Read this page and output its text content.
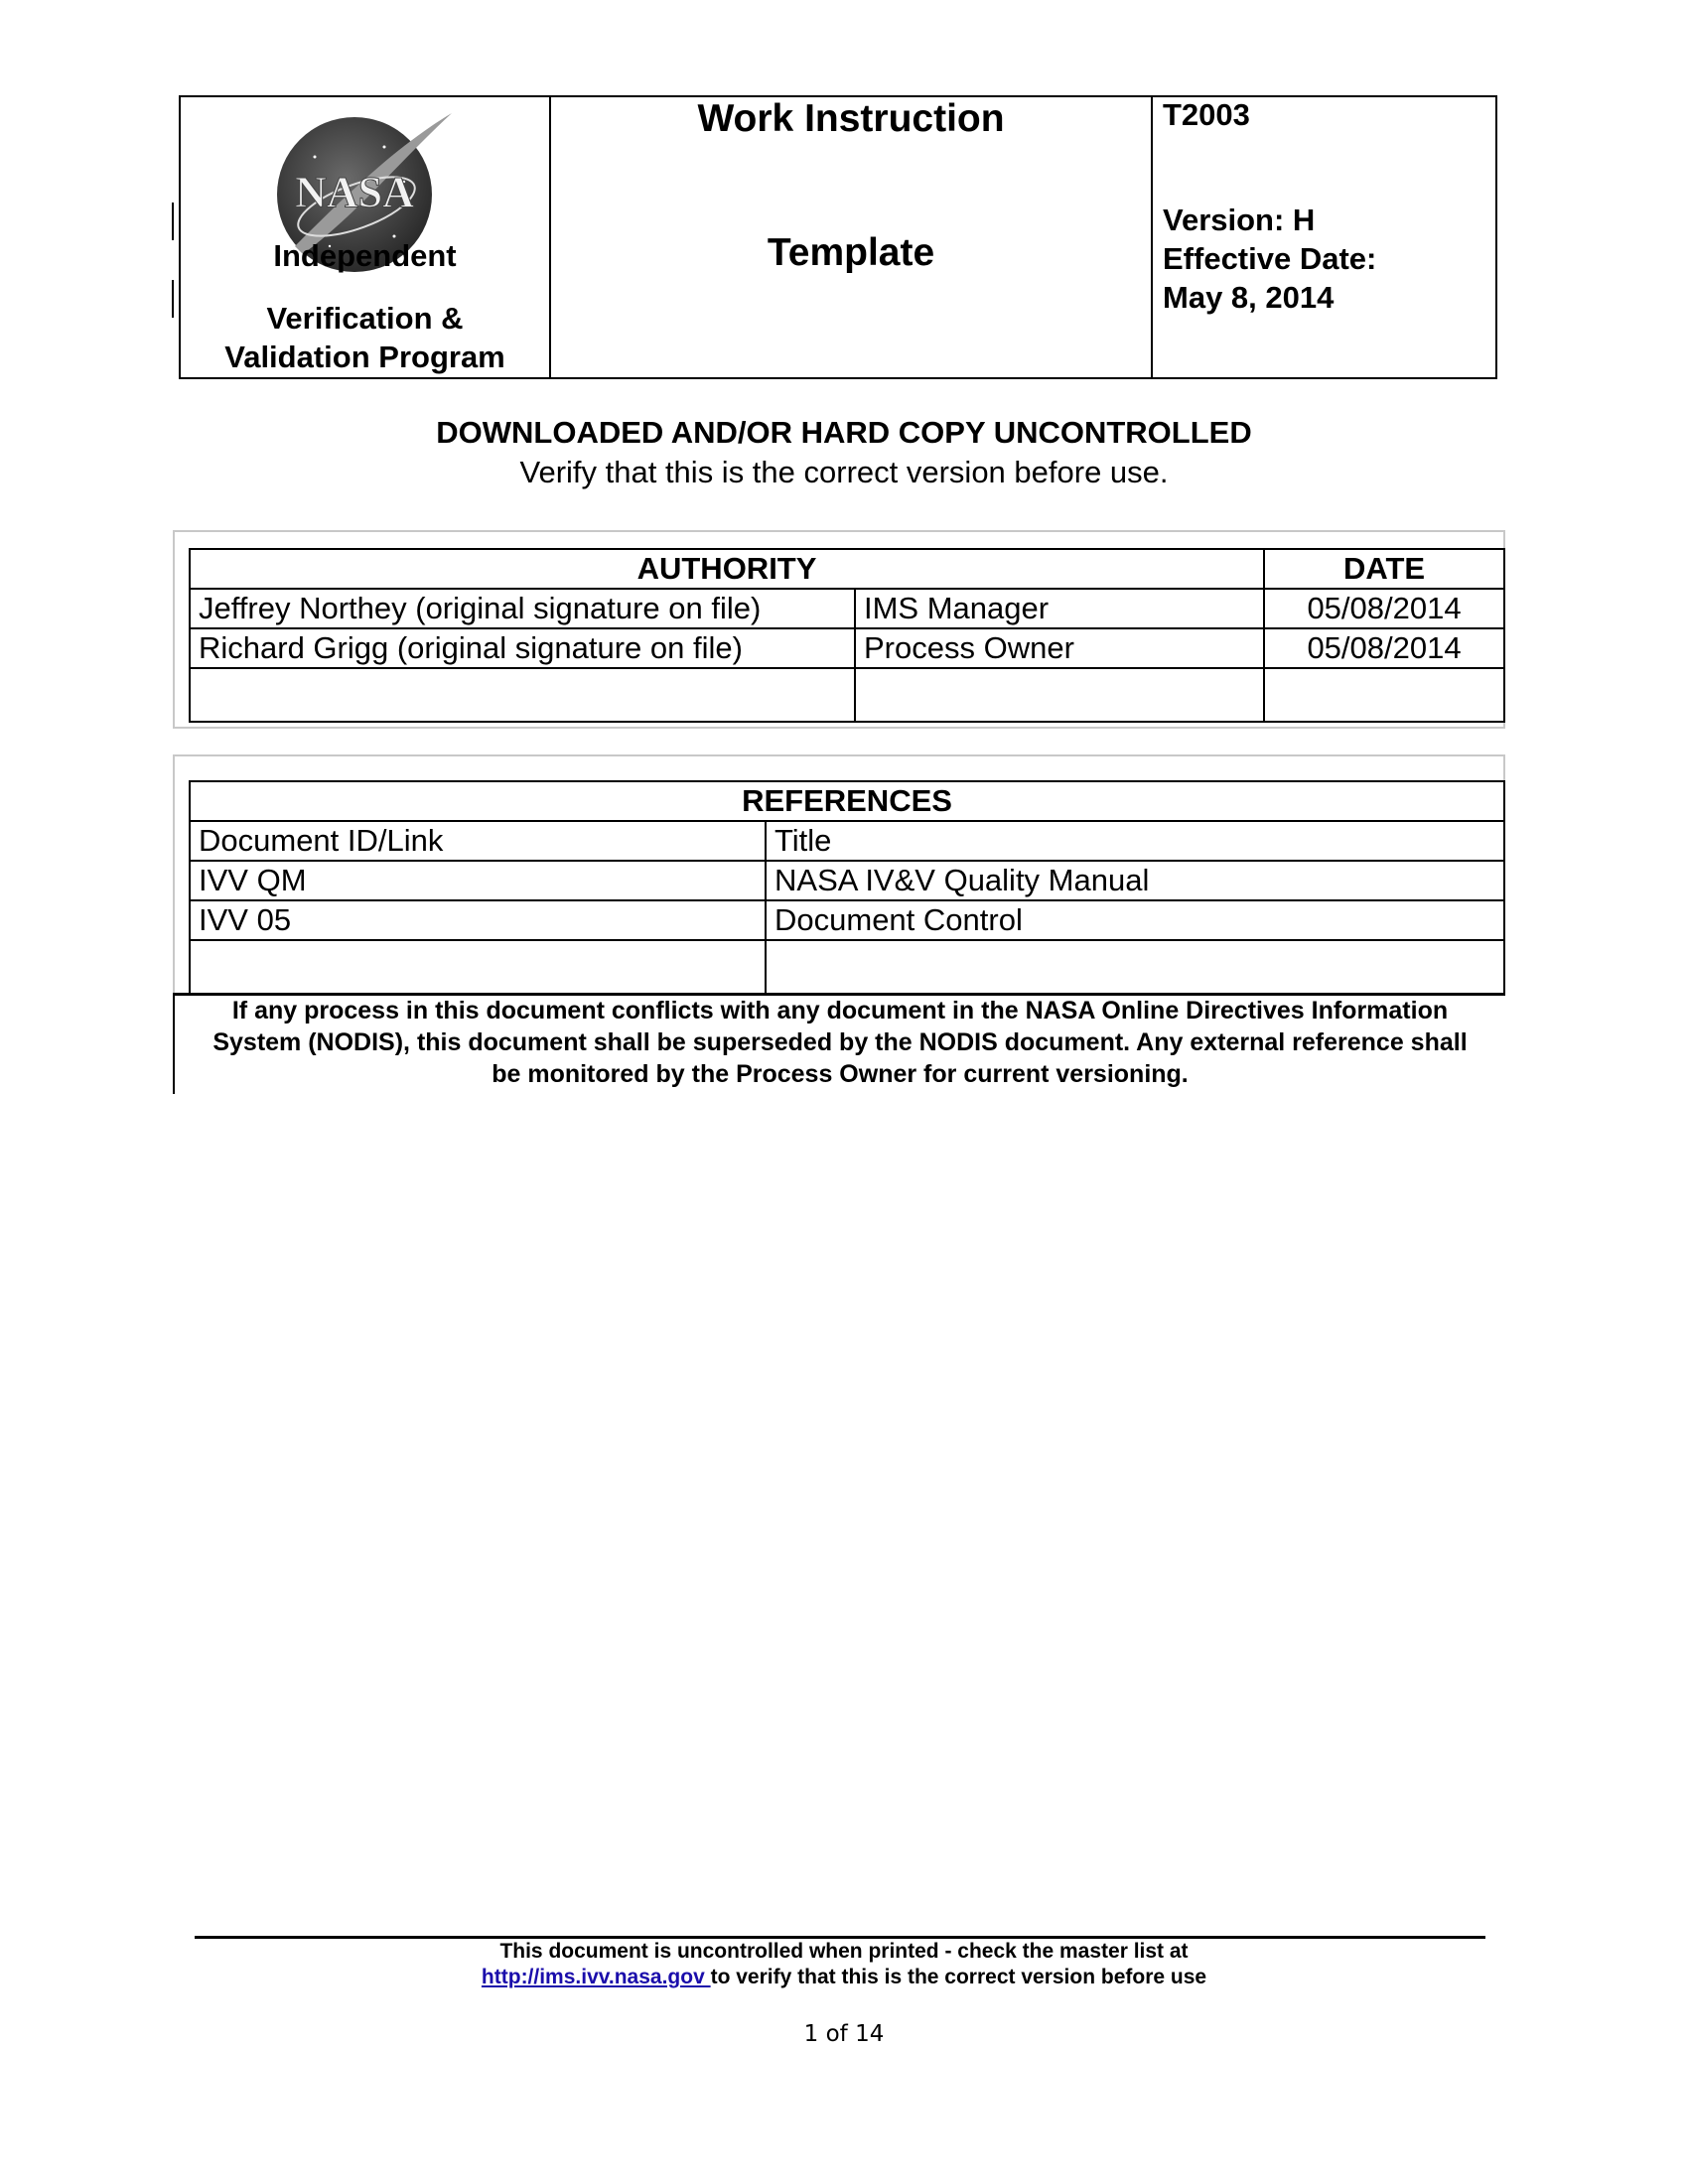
NASA
Independent
Verification &
Validation Program
Work Instruction
Template
T2003
Version: H
Effective Date:
May 8, 2014
DOWNLOADED AND/OR HARD COPY UNCONTROLLED
Verify that this is the correct version before use.
AUTHORITY		DATE
Jeffrey Northey (original signature on file)	IMS Manager	05/08/2014
Richard Grigg (original signature on file)	Process Owner	05/08/2014

REFERENCES	
Document ID/Link	Title
IVV QM	NASA IV&V Quality Manual
IVV 05	Document Control

If any process in this document conflicts with any document in the NASA Online Directives Information
System (NODIS), this document shall be superseded by the NODIS document. Any external reference shall
be monitored by the Process Owner for current versioning.
This document is uncontrolled when printed - check the master list at
http://ims.ivv.nasa.gov to verify that this is the correct version before use
1 of 14
